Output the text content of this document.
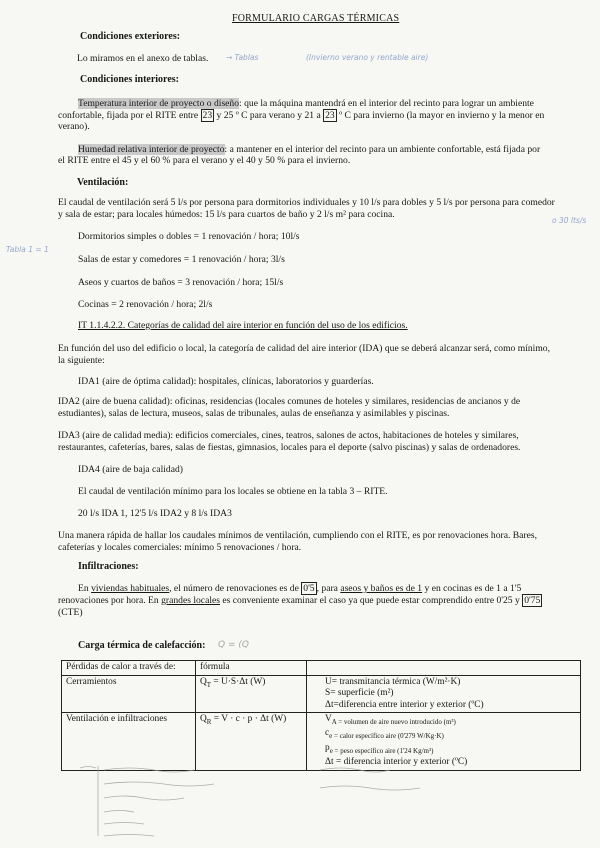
FORMULARIO CARGAS TÉRMICAS
Condiciones exteriores:
Lo miramos en el anexo de tablas. → Tablas	(Invierno verano y rentable aire)
Condiciones interiores:
Temperatura interior de proyecto o diseño: que la máquina mantendrá en el interior del recinto para lograr un ambiente
confortable, fijada por el RITE entre 23 y 25 º C para verano y 21 a 23 º C para invierno (la mayor en invierno y la menor en
verano).
Humedad relativa interior de proyecto: a mantener en el interior del recinto para un ambiente confortable, está fijada por
el RITE entre el 45 y el 60 % para el verano y el 40 y 50 % para el invierno.
Ventilación:
El caudal de ventilación será 5 l/s por persona para dormitorios individuales y 10 l/s para dobles y 5 l/s por persona para comedor y sala de estar; para locales húmedos: 15 l/s para cuartos de baño y 2 l/s m² para cocina.
o 30 lts/s
Tabla 1 = 1
Dormitorios simples o dobles = 1 renovación / hora; 10l/s
Salas de estar y comedores = 1 renovación / hora; 3l/s
Aseos y cuartos de baños = 3 renovación / hora; 15l/s
Cocinas = 2 renovación / hora; 2l/s
IT 1.1.4.2.2. Categorías de calidad del aire interior en función del uso de los edificios.
En función del uso del edificio o local, la categoría de calidad del aire interior (IDA) que se deberá alcanzar será, como mínimo, la siguiente:
IDA1 (aire de óptima calidad): hospitales, clínicas, laboratorios y guarderías.
IDA2 (aire de buena calidad): oficinas, residencias (locales comunes de hoteles y similares, residencias de ancianos y de estudiantes), salas de lectura, museos, salas de tribunales, aulas de enseñanza y asimilables y piscinas.
IDA3 (aire de calidad media): edificios comerciales, cines, teatros, salones de actos, habitaciones de hoteles y similares, restaurantes, cafeterías, bares, salas de fiestas, gimnasios, locales para el deporte (salvo piscinas) y salas de ordenadores.
IDA4 (aire de baja calidad)
El caudal de ventilación mínimo para los locales se obtiene en la tabla 3 – RITE.
20 l/s IDA 1, 12'5 l/s IDA2 y 8 l/s IDA3
Una manera rápida de hallar los caudales mínimos de ventilación, cumpliendo con el RITE, es por renovaciones hora. Bares, cafeterías y locales comerciales: mínimo 5 renovaciones / hora.
Infiltraciones:
En viviendas habituales, el número de renovaciones es de 0'5 , para aseos y baños es de 1 y en cocinas es de 1 a 1'5
renovaciones por hora. En grandes locales es conveniente examinar el caso ya que puede estar comprendido entre 0'25 y 0'75
(CTE)
Carga térmica de calefacción: Q = (Q
Pérdidas de calor a través de:	fórmula	
Cerramientos	$Q_T = U\cdot S\cdot\Delta t$ (W)	U= transmitancia térmica (W/m²·K)
S= superficie (m²)
Δt=diferencia entre interior y exterior (ºC)

Ventilación e infiltraciones	$Q_R = V \cdot c \cdot p \cdot \Delta t$ (W)	$V_{A = volumen de aire nuevo introducido (m^3)}$
$c_{e = calor específico aire (0'279 W/Kg\cdot K)}$
$p_{e = peso específico aire (1'24 Kg/m^3)}$
Δt = diferencia interior y exterior (ºC)
